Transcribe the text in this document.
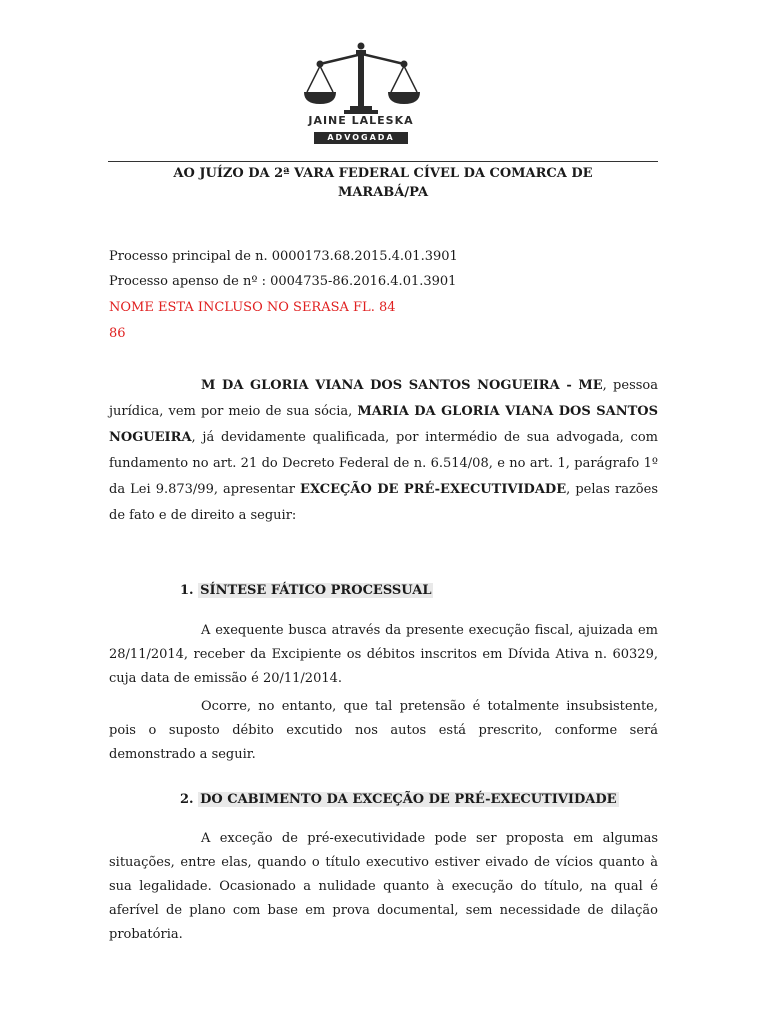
JAINE LALESKA
ADVOGADA
AO JUÍZO DA 2ª VARA FEDERAL CÍVEL DA COMARCA DE
MARABÁ/PA
Processo principal de n. 0000173.68.2015.4.01.3901
Processo apenso de nº : 0004735-86.2016.4.01.3901
NOME ESTA INCLUSO NO SERASA FL. 84
86
M DA GLORIA VIANA DOS SANTOS NOGUEIRA - ME, pessoa jurídica, vem por meio de sua sócia, MARIA DA GLORIA VIANA DOS SANTOS NOGUEIRA, já devidamente qualificada, por intermédio de sua advogada, com fundamento no art. 21 do Decreto Federal de n. 6.514/08, e no art. 1, parágrafo 1º da Lei 9.873/99, apresentar EXCEÇÃO DE PRÉ-EXECUTIVIDADE, pelas razões de fato e de direito a seguir:
1. SÍNTESE FÁTICO PROCESSUAL
A exequente busca através da presente execução fiscal, ajuizada em 28/11/2014, receber da Excipiente os débitos inscritos em Dívida Ativa n. 60329, cuja data de emissão é 20/11/2014.
Ocorre, no entanto, que tal pretensão é totalmente insubsistente, pois o suposto débito excutido nos autos está prescrito, conforme será demonstrado a seguir.
2. DO CABIMENTO DA EXCEÇÃO DE PRÉ-EXECUTIVIDADE
A exceção de pré-executividade pode ser proposta em algumas situações, entre elas, quando o título executivo estiver eivado de vícios quanto à sua legalidade. Ocasionado a nulidade quanto à execução do título, na qual é aferível de plano com base em prova documental, sem necessidade de dilação probatória.
